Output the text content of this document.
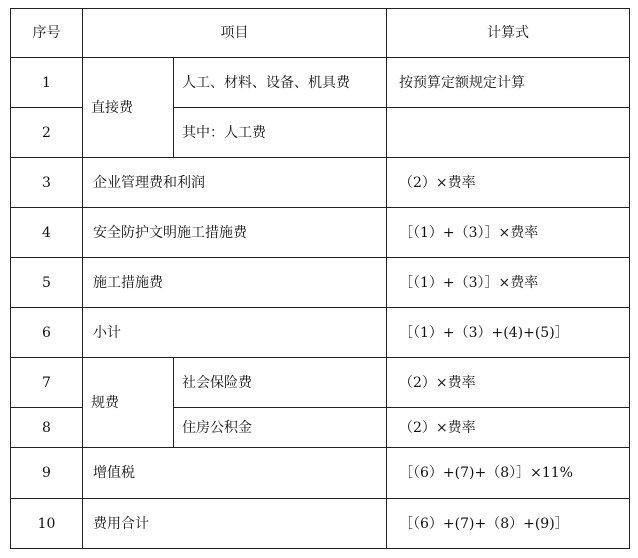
序号	项目		计算式
1	直接费	人工、材料、设备、机具费	按预算定额规定计算
2		其中：人工费	
3	企业管理费和利润		（2）×费率
4	安全防护文明施工措施费		［（1）+（3）］×费率
5	施工措施费		［（1）+（3）］×费率
6	小计		［（1）+（3）+(4)+(5)］
7	规费	社会保险费	（2）×费率
8		住房公积金	（2）×费率
9	增值税		［（6）+(7)+（8）］×11%
10	费用合计		［（6）+(7)+（8）+(9)］
